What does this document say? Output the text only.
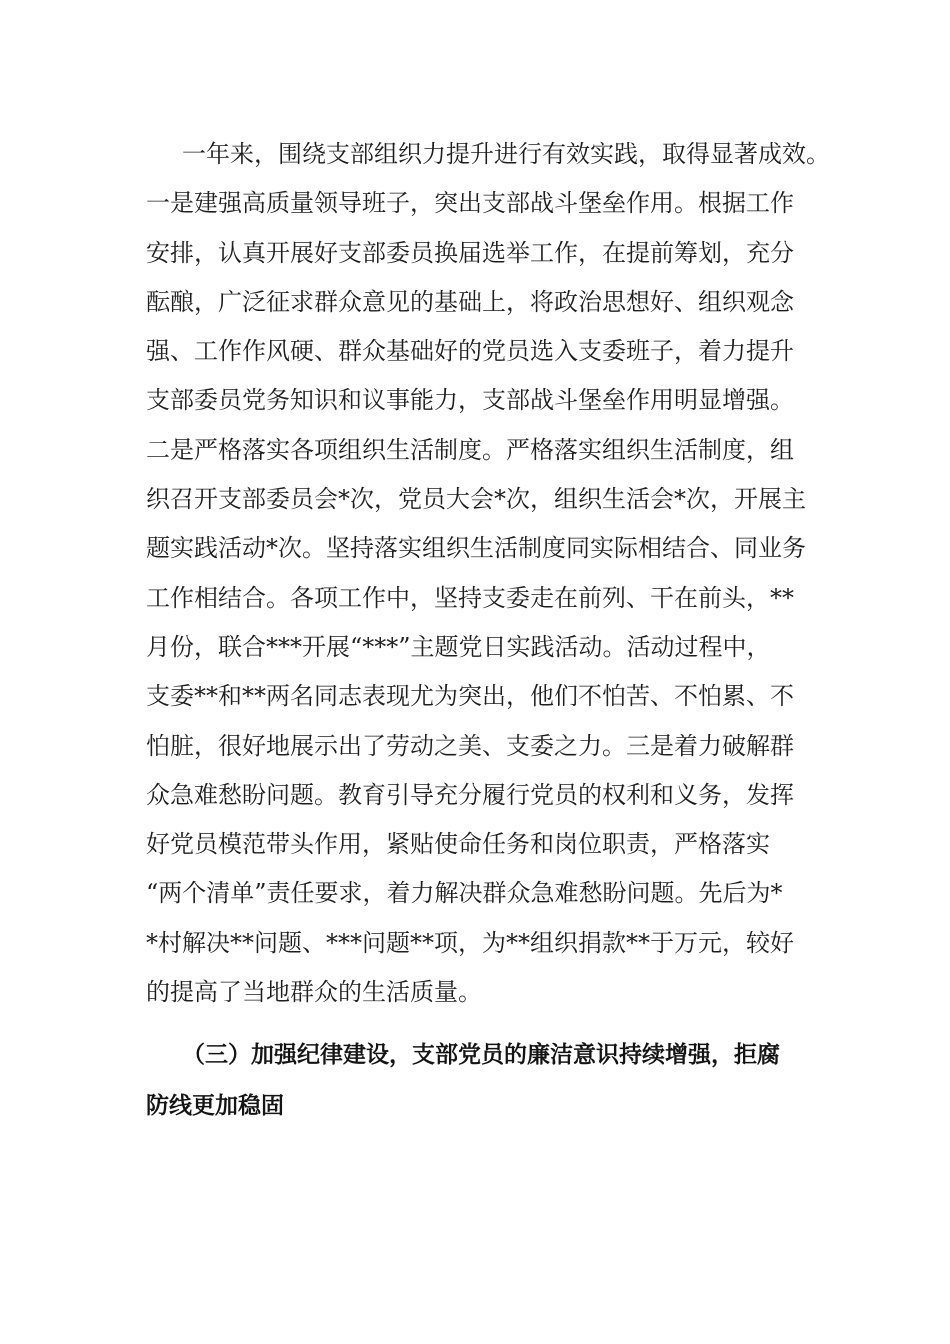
一年来，围绕支部组织力提升进行有效实践，取得显著成效。
一是建强高质量领导班子，突出支部战斗堡垒作用。根据工作
安排，认真开展好支部委员换届选举工作，在提前筹划，充分
酝酿，广泛征求群众意见的基础上，将政治思想好、组织观念
强、工作作风硬、群众基础好的党员选入支委班子，着力提升
支部委员党务知识和议事能力，支部战斗堡垒作用明显增强。
二是严格落实各项组织生活制度。严格落实组织生活制度，组
织召开支部委员会*次，党员大会*次，组织生活会*次，开展主
题实践活动*次。坚持落实组织生活制度同实际相结合、同业务
工作相结合。各项工作中，坚持支委走在前列、干在前头，**
月份，联合***开展“***”主题党日实践活动。活动过程中，
支委**和**两名同志表现尤为突出，他们不怕苦、不怕累、不
怕脏，很好地展示出了劳动之美、支委之力。三是着力破解群
众急难愁盼问题。教育引导充分履行党员的权利和义务，发挥
好党员模范带头作用，紧贴使命任务和岗位职责，严格落实
“两个清单”责任要求，着力解决群众急难愁盼问题。先后为*
*村解决**问题、***问题**项，为**组织捐款**于万元，较好
的提高了当地群众的生活质量。
（三）加强纪律建设，支部党员的廉洁意识持续增强，拒腐
防线更加稳固
